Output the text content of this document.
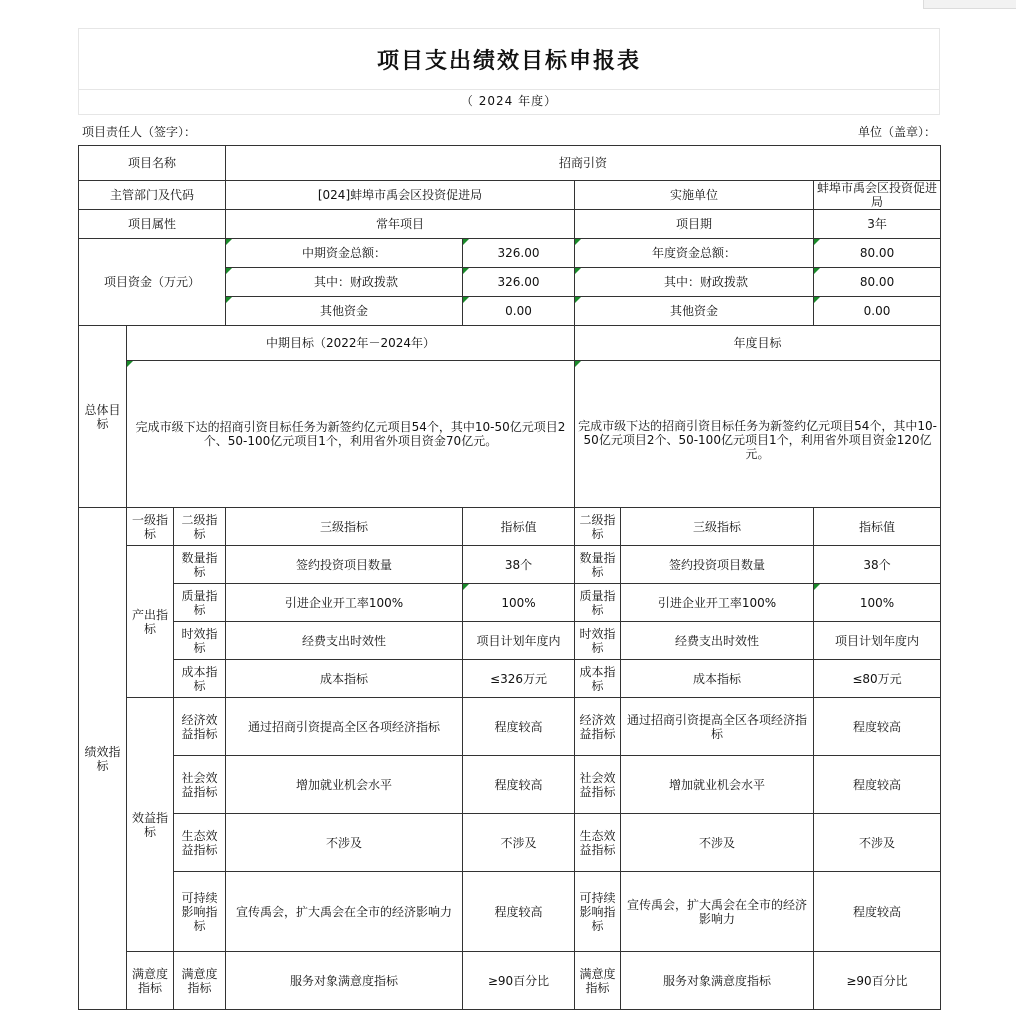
项目支出绩效目标申报表
（ 2024 年度）
项目责任人（签字）：	单位（盖章）：
项目名称			招商引资				
主管部门及代码			[024]蚌埠市禹会区投资促进局		实施单位		蚌埠市禹会区投资促进局
项目属性			常年项目		项目期		3年
项目资金（万元）			中期资金总额：	326.00	年度资金总额：		80.00
			其中：财政拨款	326.00	其中：财政拨款		80.00
			其他资金	0.00	其他资金		0.00
总体目标	中期目标（2022年－2024年）				年度目标		
	完成市级下达的招商引资目标任务为新签约亿元项目54个，其中10-50亿元项目2个、50-100亿元项目1个，利用省外项目资金70亿元。				完成市级下达的招商引资目标任务为新签约亿元项目54个，其中10-50亿元项目2个、50-100亿元项目1个，利用省外项目资金120亿元。		
绩效指标	一级指标	二级指标	三级指标	指标值	二级指标	三级指标	指标值
	产出指标	数量指标	签约投资项目数量	38个	数量指标	签约投资项目数量	38个
		质量指标	引进企业开工率100%	100%	质量指标	引进企业开工率100%	100%
		时效指标	经费支出时效性	项目计划年度内	时效指标	经费支出时效性	项目计划年度内
		成本指标	成本指标	≤326万元	成本指标	成本指标	≤80万元
	效益指标	经济效益指标	通过招商引资提高全区各项经济指标	程度较高	经济效益指标	通过招商引资提高全区各项经济指标	程度较高
		社会效益指标	增加就业机会水平	程度较高	社会效益指标	增加就业机会水平	程度较高
		生态效益指标	不涉及	不涉及	生态效益指标	不涉及	不涉及
		可持续影响指标	宣传禹会，扩大禹会在全市的经济影响力	程度较高	可持续影响指标	宣传禹会，扩大禹会在全市的经济影响力	程度较高
	满意度指标	满意度指标	服务对象满意度指标	≥90百分比	满意度指标	服务对象满意度指标	≥90百分比
